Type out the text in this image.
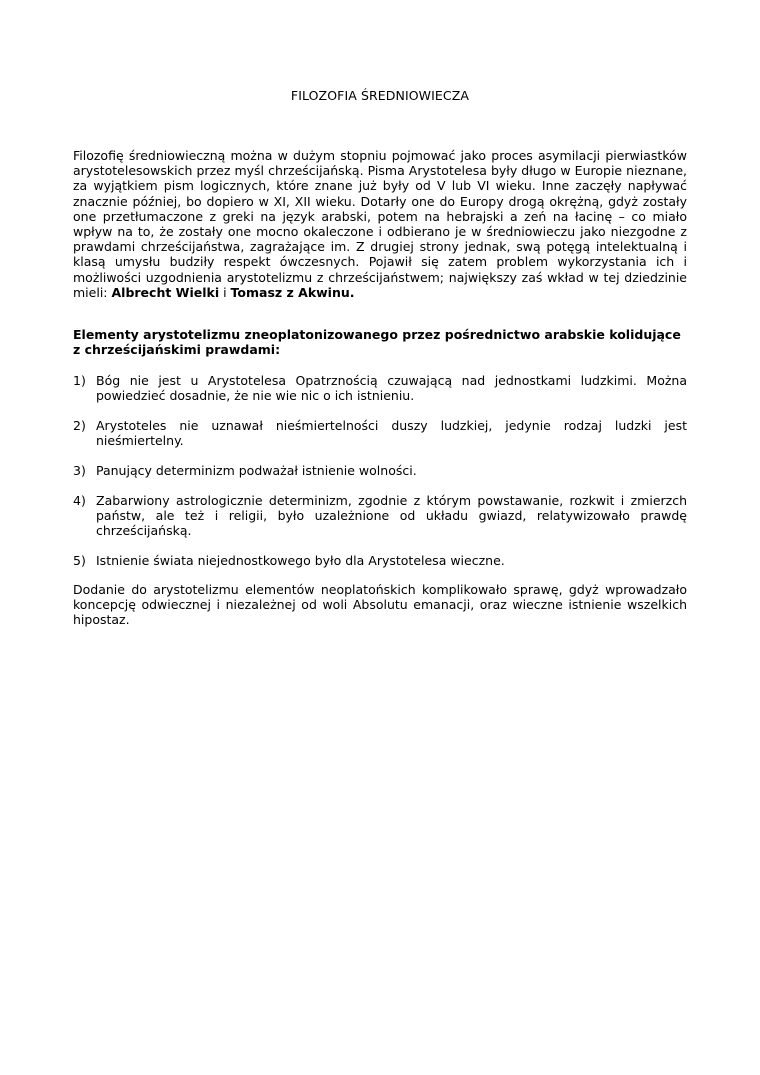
FILOZOFIA ŚREDNIOWIECZA

Filozofię średniowieczną można w dużym stopniu pojmować jako proces asymilacji pierwiastków arystotelesowskich przez myśl chrześcijańską. Pisma Arystotelesa były długo w Europie nieznane, za wyjątkiem pism logicznych, które znane już były od V lub VI wieku. Inne zaczęły napływać znacznie później, bo dopiero w XI, XII wieku. Dotarły one do Europy drogą okrężną, gdyż zostały one przetłumaczone z greki na język arabski, potem na hebrajski a zeń na łacinę – co miało wpływ na to, że zostały one mocno okaleczone i odbierano je w średniowieczu jako niezgodne z prawdami chrześcijaństwa, zagrażające im. Z drugiej strony jednak, swą potęgą intelektualną i klasą umysłu budziły respekt ówczesnych. Pojawił się zatem problem wykorzystania ich i możliwości uzgodnienia arystotelizmu z chrześcijaństwem; największy zaś wkład w tej dziedzinie mieli: Albrecht Wielki i Tomasz z Akwinu.

Elementy arystotelizmu zneoplatonizowanego przez pośrednictwo arabskie kolidujące z chrześcijańskimi prawdami:

1) Bóg nie jest u Arystotelesa Opatrznością czuwającą nad jednostkami ludzkimi. Można powiedzieć dosadnie, że nie wie nic o ich istnieniu.
2) Arystoteles nie uznawał nieśmiertelności duszy ludzkiej, jedynie rodzaj ludzki jest nieśmiertelny.
3) Panujący determinizm podważał istnienie wolności.
4) Zabarwiony astrologicznie determinizm, zgodnie z którym powstawanie, rozkwit i zmierzch państw, ale też i religii, było uzależnione od układu gwiazd, relatywizowało prawdę chrześcijańską.
5) Istnienie świata niejednostkowego było dla Arystotelesa wieczne.

Dodanie do arystotelizmu elementów neoplatońskich komplikowało sprawę, gdyż wprowadzało koncepcję odwiecznej i niezależnej od woli Absolutu emanacji, oraz wieczne istnienie wszelkich hipostaz.
